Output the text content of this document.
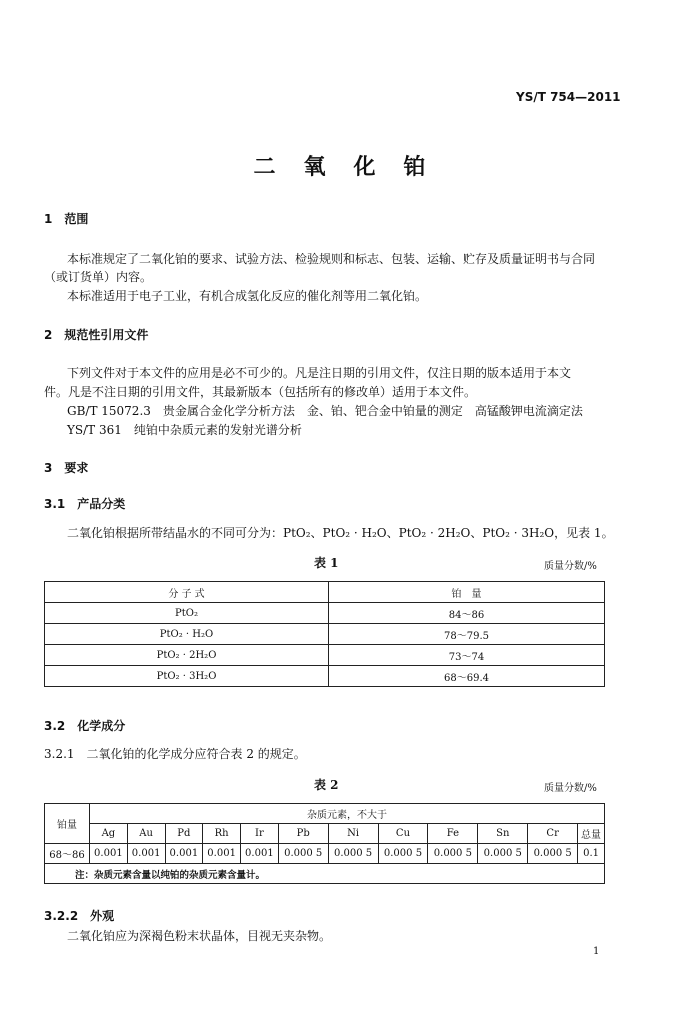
YS/T 754—2011
二氧化铂
1　范围
本标准规定了二氧化铂的要求、试验方法、检验规则和标志、包装、运输、贮存及质量证明书与合同
（或订货单）内容。
本标准适用于电子工业，有机合成氢化反应的催化剂等用二氧化铂。
2　规范性引用文件
下列文件对于本文件的应用是必不可少的。凡是注日期的引用文件，仅注日期的版本适用于本文
件。凡是不注日期的引用文件，其最新版本（包括所有的修改单）适用于本文件。
GB/T 15072.3　贵金属合金化学分析方法　金、铂、钯合金中铂量的测定　高锰酸钾电流滴定法
YS/T 361　纯铂中杂质元素的发射光谱分析
3　要求
3.1　产品分类
二氧化铂根据所带结晶水的不同可分为：PtO₂、PtO₂ · H₂O、PtO₂ · 2H₂O、PtO₂ · 3H₂O，见表 1。
表 1	质量分数/%
分 子 式	铂　量
PtO₂	84～86
PtO₂ · H₂O	78～79.5
PtO₂ · 2H₂O	73～74
PtO₂ · 3H₂O	68～69.4
3.2　化学成分
3.2.1　二氧化铂的化学成分应符合表 2 的规定。
表 2	质量分数/%
铂量	杂质元素，不大于											
	Ag	Au	Pd	Rh	Ir	Pb	Ni	Cu	Fe	Sn	Cr	总量
68～86	0.001	0.001	0.001	0.001	0.001	0.000 5	0.000 5	0.000 5	0.000 5	0.000 5	0.000 5	0.1
注：杂质元素含量以纯铂的杂质元素含量计。												
3.2.2　外观
二氧化铂应为深褐色粉末状晶体，目视无夹杂物。
1
